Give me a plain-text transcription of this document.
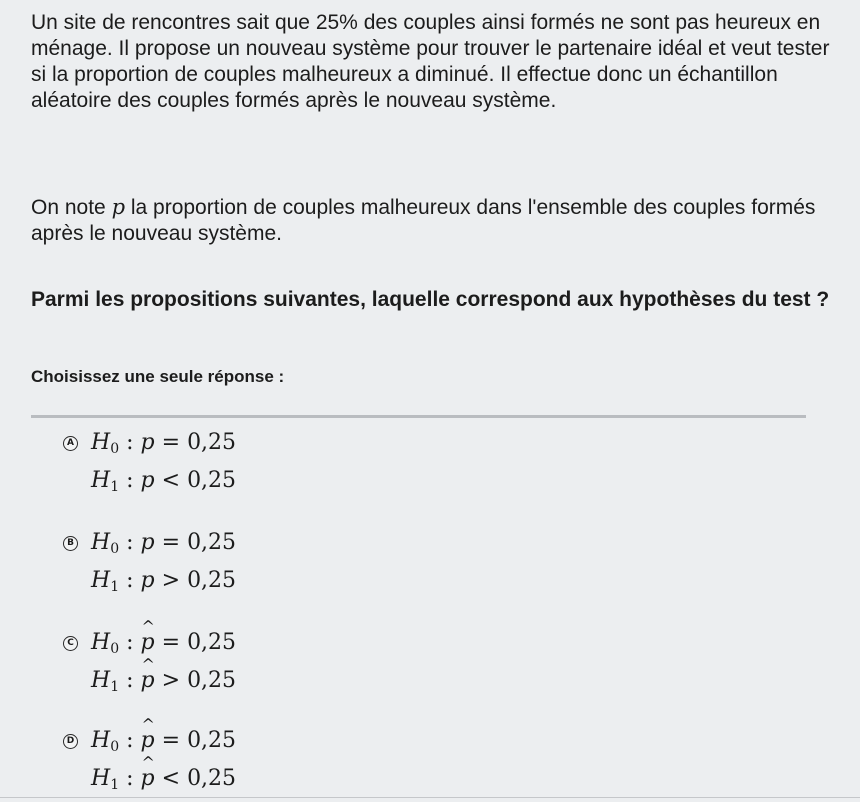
Un site de rencontres sait que 25% des couples ainsi formés ne sont pas heureux en ménage. Il propose un nouveau système pour trouver le partenaire idéal et veut tester si la proportion de couples malheureux a diminué. Il effectue donc un échantillon aléatoire des couples formés après le nouveau système.

On note p la proportion de couples malheureux dans l'ensemble des couples formés après le nouveau système.

Parmi les propositions suivantes, laquelle correspond aux hypothèses du test ?

Choisissez une seule réponse :
A $H_0$ : p = 0,25
$H_1$ : p < 0,25
B $H_0$ : p = 0,25
$H_1$ : p > 0,25
C $H_0$ : ^ p = 0,25
$H_1$ : ^ p > 0,25
D $H_0$ : ^ p = 0,25
$H_1$ : ^ p < 0,25
